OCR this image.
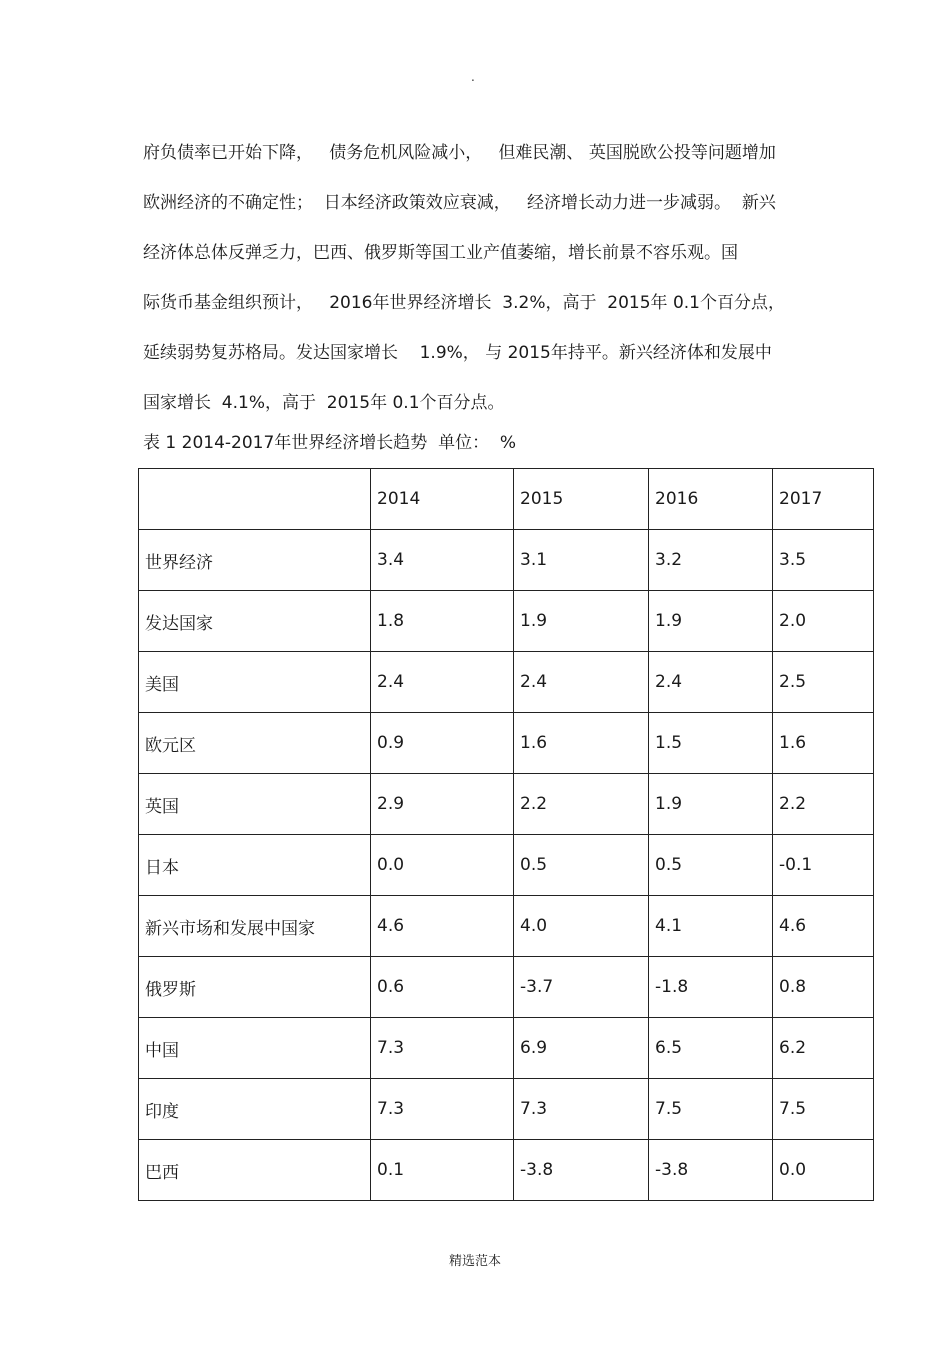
.
府负债率已开始下降，   债务危机风险减小，   但难民潮、 英国脱欧公投等问题增加
欧洲经济的不确定性；  日本经济政策效应衰减，   经济增长动力进一步减弱。  新兴
经济体总体反弹乏力，巴西、俄罗斯等国工业产值萎缩，增长前景不容乐观。国
际货币基金组织预计，   2016年世界经济增长  3.2%，高于  2015年 0.1个百分点，
延续弱势复苏格局。发达国家增长    1.9%， 与 2015年持平。新兴经济体和发展中
国家增长  4.1%，高于  2015年 0.1个百分点。
表 1 2014-2017年世界经济增长趋势  单位：  %
	2014	2015	2016	2017
世界经济	3.4	3.1	3.2	3.5
发达国家	1.8	1.9	1.9	2.0
美国	2.4	2.4	2.4	2.5
欧元区	0.9	1.6	1.5	1.6
英国	2.9	2.2	1.9	2.2
日本	0.0	0.5	0.5	-0.1
新兴市场和发展中国家	4.6	4.0	4.1	4.6
俄罗斯	0.6	-3.7	-1.8	0.8
中国	7.3	6.9	6.5	6.2
印度	7.3	7.3	7.5	7.5
巴西	0.1	-3.8	-3.8	0.0
精选范本
